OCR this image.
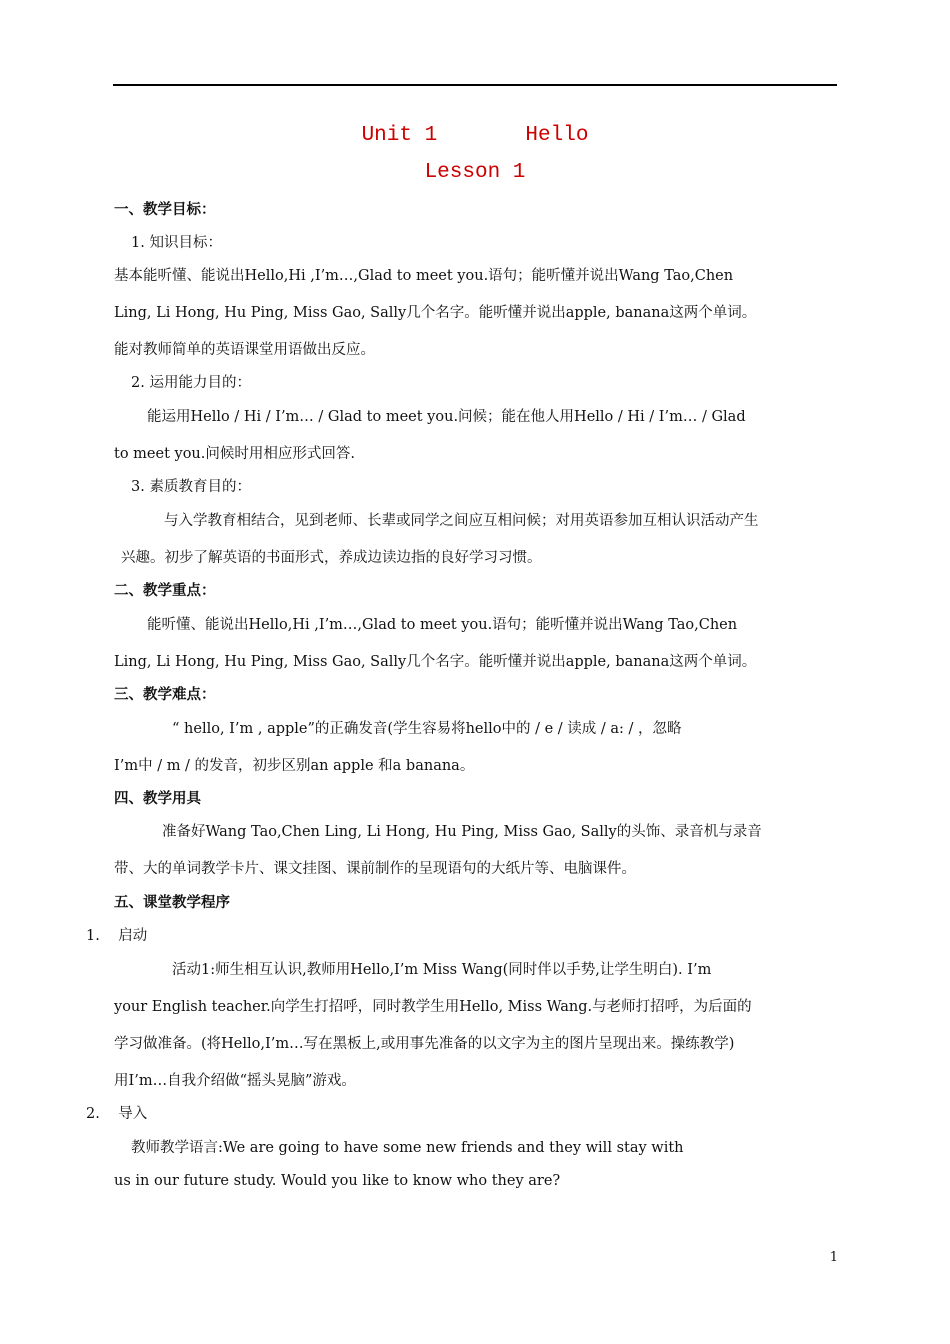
Unit 1       Hello
Lesson 1
一、教学目标：
1. 知识目标：
基本能听懂、能说出Hello,Hi ,I’m…,Glad to meet you.语句；能听懂并说出Wang Tao,Chen
Ling, Li Hong, Hu Ping, Miss Gao, Sally几个名字。能听懂并说出apple, banana这两个单词。
能对教师简单的英语课堂用语做出反应。
2. 运用能力目的：
能运用Hello / Hi / I’m… / Glad to meet you.问候；能在他人用Hello / Hi / I’m… / Glad
to meet you.问候时用相应形式回答.
3. 素质教育目的：
与入学教育相结合，见到老师、长辈或同学之间应互相问候；对用英语参加互相认识活动产生
兴趣。初步了解英语的书面形式，养成边读边指的良好学习习惯。
二、教学重点：
能听懂、能说出Hello,Hi ,I’m…,Glad to meet you.语句；能听懂并说出Wang Tao,Chen
Ling, Li Hong, Hu Ping, Miss Gao, Sally几个名字。能听懂并说出apple, banana这两个单词。
三、教学难点：
“ hello, I’m , apple”的正确发音(学生容易将hello中的 / e / 读成 / a: / ，忽略
I’m中 / m / 的发音，初步区别an apple 和a banana。
四、教学用具
准备好Wang Tao,Chen Ling, Li Hong, Hu Ping, Miss Gao, Sally的头饰、录音机与录音
带、大的单词教学卡片、课文挂图、课前制作的呈现语句的大纸片等、电脑课件。
五、课堂教学程序
1.    启动
活动1:师生相互认识,教师用Hello,I’m Miss Wang(同时伴以手势,让学生明白). I’m
your English teacher.向学生打招呼，同时教学生用Hello, Miss Wang.与老师打招呼，为后面的
学习做准备。(将Hello,I’m…写在黑板上,或用事先准备的以文字为主的图片呈现出来。操练教学)
用I’m…自我介绍做“摇头晃脑”游戏。
2.    导入
教师教学语言:We are going to have some new friends and they will stay with
us in our future study. Would you like to know who they are?
1
